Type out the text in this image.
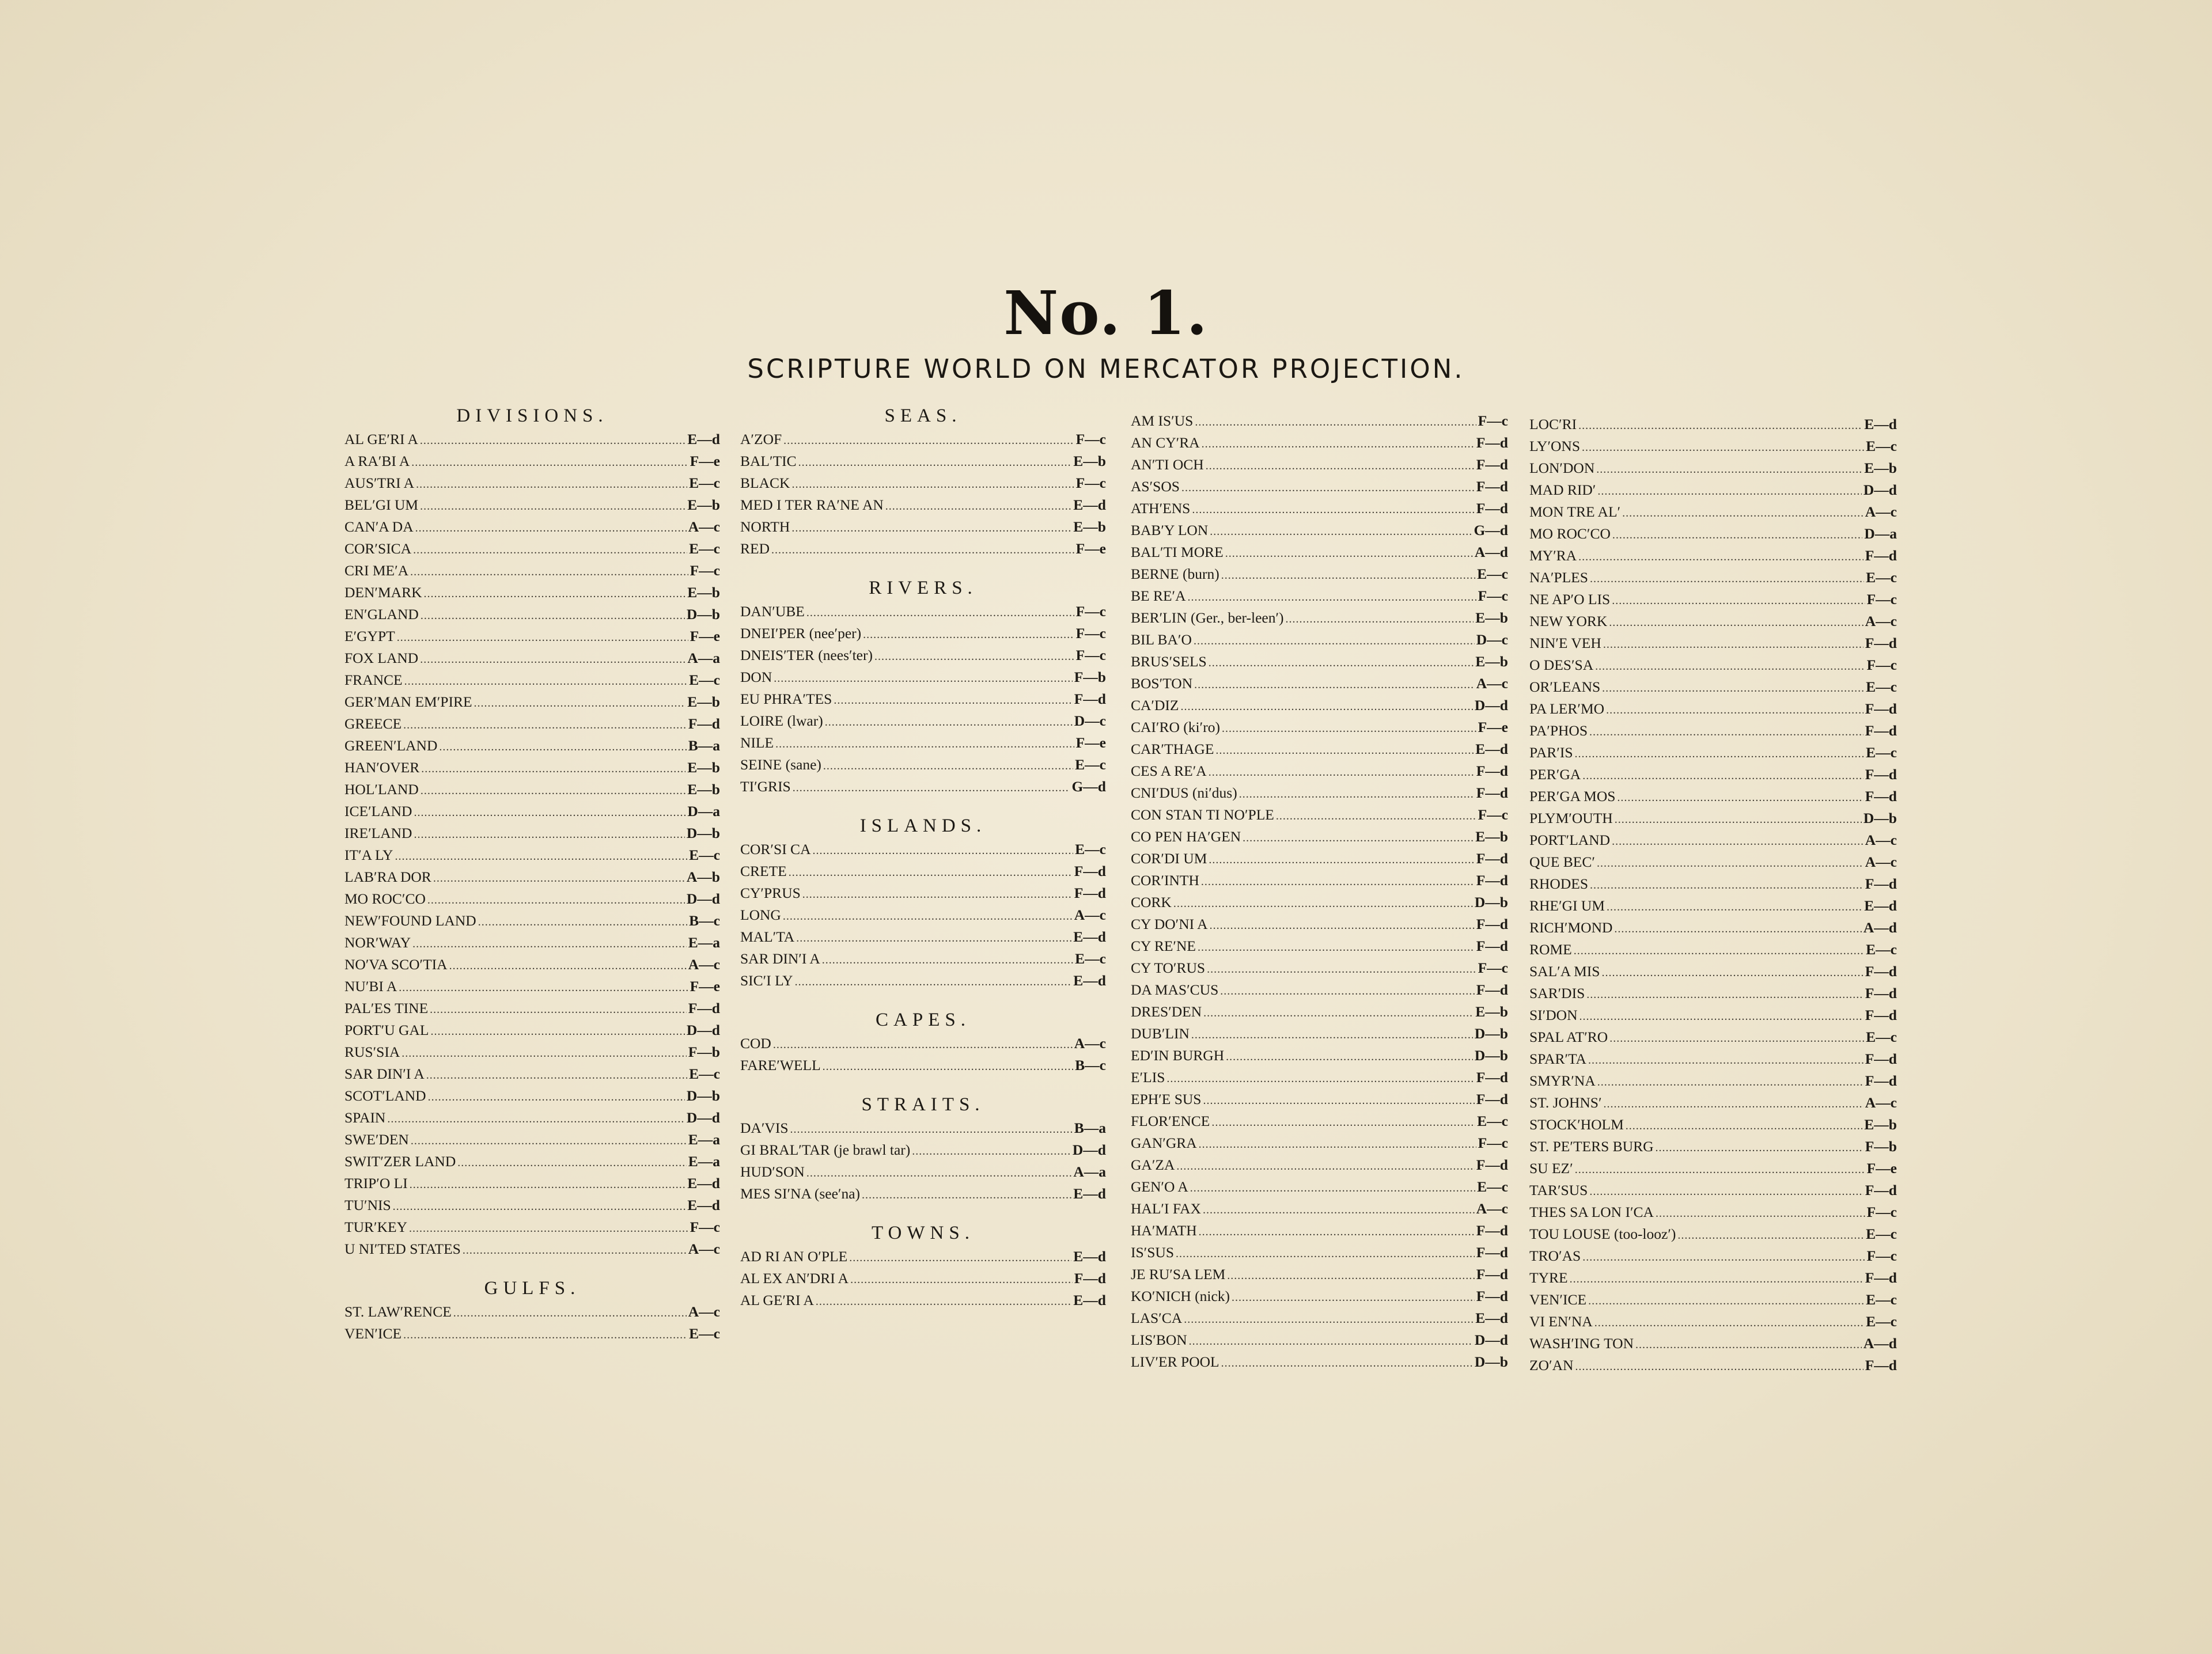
No. 1.
SCRIPTURE WORLD ON MERCATOR PROJECTION.
DIVISIONS.
AL GE′RI A .....	E—d
A RA′BI A .....	F—e
AUS′TRI A .....	E—c
BEL′GI UM .....	E—b
CAN′A DA .....	A—c
COR′SICA .....	E—c
CRI ME′A .....	F—c
DEN′MARK .....	E—b
EN′GLAND .....	D—b
E′GYPT .....	F—e
FOX LAND .....	A—a
FRANCE .....	E—c
GER′MAN EM′PIRE .....	E—b
GREECE .....	F—d
GREEN′LAND .....	B—a
HAN′OVER .....	E—b
HOL′LAND .....	E—b
ICE′LAND .....	D—a
IRE′LAND .....	D—b
IT′A LY .....	E—c
LAB′RA DOR .....	A—b
MO ROC′CO .....	D—d
NEW′FOUND LAND .....	B—c
NOR′WAY .....	E—a
NO′VA SCO′TIA .....	A—c
NU′BI A .....	F—e
PAL′ES TINE .....	F—d
PORT′U GAL .....	D—d
RUS′SIA .....	F—b
SAR DIN′I A .....	E—c
SCOT′LAND .....	D—b
SPAIN .....	D—d
SWE′DEN .....	E—a
SWIT′ZER LAND .....	E—a
TRIP′O LI .....	E—d
TU′NIS .....	E—d
TUR′KEY .....	F—c
U NI′TED STATES .....	A—c
GULFS.
ST. LAW′RENCE .....	A—c
VEN′ICE .....	E—c
SEAS.
A′ZOF .....	F—c
BAL′TIC .....	E—b
BLACK .....	F—c
MED I TER RA′NE AN .....	E—d
NORTH .....	E—b
RED .....	F—e
RIVERS.
DAN′UBE .....	F—c
DNEI′PER (nee′per) .....	F—c
DNEIS′TER (nees′ter) .....	F—c
DON .....	F—b
EU PHRA′TES .....	F—d
LOIRE (lwar) .....	D—c
NILE .....	F—e
SEINE (sane) .....	E—c
TI′GRIS .....	G—d
ISLANDS.
COR′SI CA .....	E—c
CRETE .....	F—d
CY′PRUS .....	F—d
LONG .....	A—c
MAL′TA .....	E—d
SAR DIN′I A .....	E—c
SIC′I LY .....	E—d
CAPES.
COD .....	A—c
FARE′WELL .....	B—c
STRAITS.
DA′VIS .....	B—a
GI BRAL′TAR (je brawl tar) .....	D—d
HUD′SON .....	A—a
MES SI′NA (see′na) .....	E—d
TOWNS.
AD RI AN O′PLE .....	E—d
AL EX AN′DRI A .....	F—d
AL GE′RI A .....	E—d
AM IS′US .....	F—c
AN CY′RA .....	F—d
AN′TI OCH .....	F—d
AS′SOS .....	F—d
ATH′ENS .....	F—d
BAB′Y LON .....	G—d
BAL′TI MORE .....	A—d
BERNE (burn) .....	E—c
BE RE′A .....	F—c
BER′LIN (Ger., ber-leen′) .....	E—b
BIL BA′O .....	D—c
BRUS′SELS .....	E—b
BOS′TON .....	A—c
CA′DIZ .....	D—d
CAI′RO (ki′ro) .....	F—e
CAR′THAGE .....	E—d
CES A RE′A .....	F—d
CNI′DUS (ni′dus) .....	F—d
CON STAN TI NO′PLE .....	F—c
CO PEN HA′GEN .....	E—b
COR′DI UM .....	F—d
COR′INTH .....	F—d
CORK .....	D—b
CY DO′NI A .....	F—d
CY RE′NE .....	F—d
CY TO′RUS .....	F—c
DA MAS′CUS .....	F—d
DRES′DEN .....	E—b
DUB′LIN .....	D—b
ED′IN BURGH .....	D—b
E′LIS .....	F—d
EPH′E SUS .....	F—d
FLOR′ENCE .....	E—c
GAN′GRA .....	F—c
GA′ZA .....	F—d
GEN′O A .....	E—c
HAL′I FAX .....	A—c
HA′MATH .....	F—d
IS′SUS .....	F—d
JE RU′SA LEM .....	F—d
KO′NICH (nick) .....	F—d
LAS′CA .....	E—d
LIS′BON .....	D—d
LIV′ER POOL .....	D—b
LOC′RI .....	E—d
LY′ONS .....	E—c
LON′DON .....	E—b
MAD RID′ .....	D—d
MON TRE AL′ .....	A—c
MO ROC′CO .....	D—a
MY′RA .....	F—d
NA′PLES .....	E—c
NE AP′O LIS .....	F—c
NEW YORK .....	A—c
NIN′E VEH .....	F—d
O DES′SA .....	F—c
OR′LEANS .....	E—c
PA LER′MO .....	F—d
PA′PHOS .....	F—d
PAR′IS .....	E—c
PER′GA .....	F—d
PER′GA MOS .....	F—d
PLYM′OUTH .....	D—b
PORT′LAND .....	A—c
QUE BEC′ .....	A—c
RHODES .....	F—d
RHE′GI UM .....	E—d
RICH′MOND .....	A—d
ROME .....	E—c
SAL′A MIS .....	F—d
SAR′DIS .....	F—d
SI′DON .....	F—d
SPAL AT′RO .....	E—c
SPAR′TA .....	F—d
SMYR′NA .....	F—d
ST. JOHNS′ .....	A—c
STOCK′HOLM .....	E—b
ST. PE′TERS BURG .....	F—b
SU EZ′ .....	F—e
TAR′SUS .....	F—d
THES SA LON I′CA .....	F—c
TOU LOUSE (too-looz′) .....	E—c
TRO′AS .....	F—c
TYRE .....	F—d
VEN′ICE .....	E—c
VI EN′NA .....	E—c
WASH′ING TON .....	A—d
ZO′AN .....	F—d
